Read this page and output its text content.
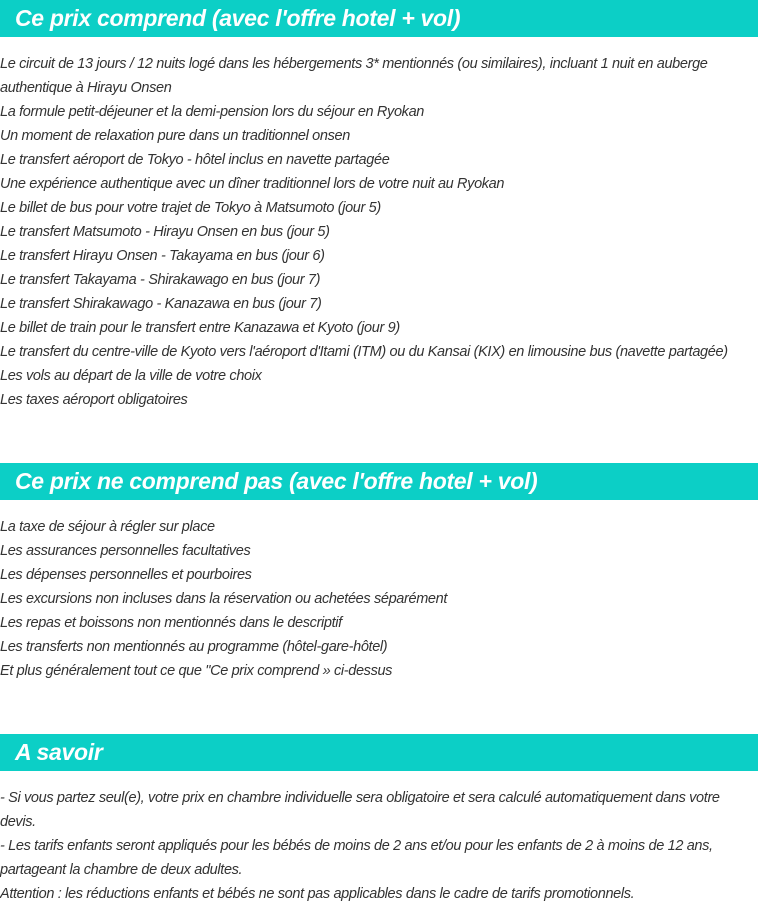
Ce prix comprend (avec l'offre hotel + vol)
Le circuit de 13 jours / 12 nuits logé dans les hébergements 3* mentionnés (ou similaires), incluant 1 nuit en auberge authentique à Hirayu Onsen
La formule petit-déjeuner et la demi-pension lors du séjour en Ryokan
Un moment de relaxation pure dans un traditionnel onsen
Le transfert aéroport de Tokyo - hôtel inclus en navette partagée
Une expérience authentique avec un dîner traditionnel lors de votre nuit au Ryokan
Le billet de bus pour votre trajet de Tokyo à Matsumoto (jour 5)
Le transfert Matsumoto - Hirayu Onsen en bus (jour 5)
Le transfert Hirayu Onsen - Takayama en bus (jour 6)
Le transfert Takayama - Shirakawago en bus (jour 7)
Le transfert Shirakawago - Kanazawa en bus (jour 7)
Le billet de train pour le transfert entre Kanazawa et Kyoto (jour 9)
Le transfert du centre-ville de Kyoto vers l'aéroport d'Itami (ITM) ou du Kansai (KIX) en limousine bus (navette partagée)
Les vols au départ de la ville de votre choix
Les taxes aéroport obligatoires
Ce prix ne comprend pas (avec l'offre hotel + vol)
La taxe de séjour à régler sur place
Les assurances personnelles facultatives
Les dépenses personnelles et pourboires
Les excursions non incluses dans la réservation ou achetées séparément
Les repas et boissons non mentionnés dans le descriptif
Les transferts non mentionnés au programme (hôtel-gare-hôtel)
Et plus généralement tout ce que "Ce prix comprend » ci-dessus
A savoir
- Si vous partez seul(e), votre prix en chambre individuelle sera obligatoire et sera calculé automatiquement dans votre devis.
- Les tarifs enfants seront appliqués pour les bébés de moins de 2 ans et/ou pour les enfants de 2 à moins de 12 ans, partageant la chambre de deux adultes.
Attention : les réductions enfants et bébés ne sont pas applicables dans le cadre de tarifs promotionnels.
